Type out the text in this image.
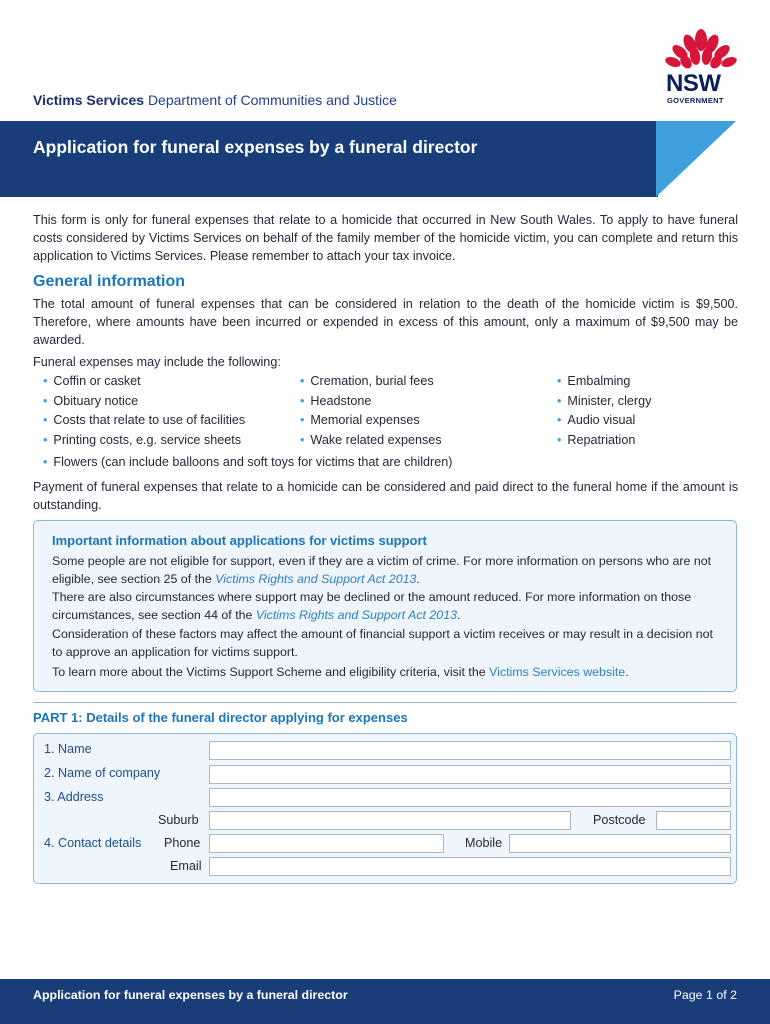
Victims Services Department of Communities and Justice
NSW
GOVERNMENT
Application for funeral expenses by a funeral director

This form is only for funeral expenses that relate to a homicide that occurred in New South Wales. To apply to have funeral costs considered by Victims Services on behalf of the family member of the homicide victim, you can complete and return this application to Victims Services. Please remember to attach your tax invoice.

General information

The total amount of funeral expenses that can be considered in relation to the death of the homicide victim is $9,500. Therefore, where amounts have been incurred or expended in excess of this amount, only a maximum of $9,500 may be awarded.

Funeral expenses may include the following:

• Coffin or casket
• Obituary notice
• Costs that relate to use of facilities
• Printing costs, e.g. service sheets
• Cremation, burial fees
• Headstone
• Memorial expenses
• Wake related expenses
• Embalming
• Minister, clergy
• Audio visual
• Repatriation
• Flowers (can include balloons and soft toys for victims that are children)

Payment of funeral expenses that relate to a homicide can be considered and paid direct to the funeral home if the amount is outstanding.

Important information about applications for victims support

Some people are not eligible for support, even if they are a victim of crime. For more information on persons who are not eligible, see section 25 of the Victims Rights and Support Act 2013.

There are also circumstances where support may be declined or the amount reduced. For more information on those circumstances, see section 44 of the Victims Rights and Support Act 2013.

Consideration of these factors may affect the amount of financial support a victim receives or may result in a decision not to approve an application for victims support.

To learn more about the Victims Support Scheme and eligibility criteria, visit the Victims Services website.

PART 1: Details of the funeral director applying for expenses
1. Name
2. Name of company
3. Address
Suburb	Postcode
4. Contact details Phone	Mobile
Email
Application for funeral expenses by a funeral director	Page 1 of 2
